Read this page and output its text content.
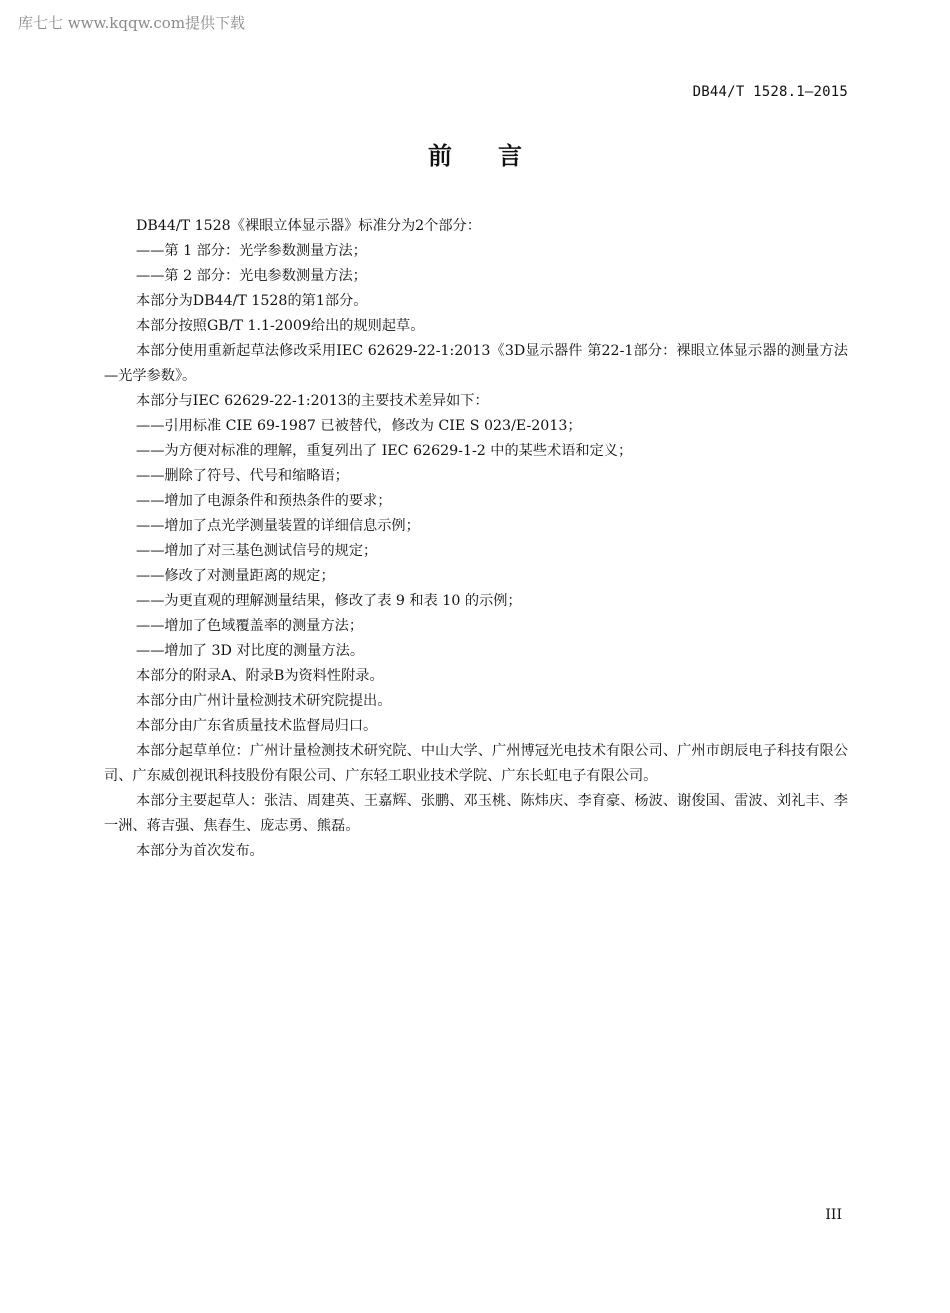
库七七 www.kqqw.com提供下载
DB44/T 1528.1—2015
前言

DB44/T 1528《裸眼立体显示器》标准分为2个部分：

——第 1 部分：光学参数测量方法；

——第 2 部分：光电参数测量方法；

本部分为DB44/T 1528的第1部分。

本部分按照GB/T 1.1-2009给出的规则起草。

本部分使用重新起草法修改采用IEC 62629-22-1:2013《3D显示器件 第22-1部分：裸眼立体显示器的测量方法—光学参数》。

本部分与IEC 62629-22-1:2013的主要技术差异如下：

——引用标准 CIE 69-1987 已被替代，修改为 CIE S 023/E-2013；

——为方便对标准的理解，重复列出了 IEC 62629-1-2 中的某些术语和定义；

——删除了符号、代号和缩略语；

——增加了电源条件和预热条件的要求；

——增加了点光学测量装置的详细信息示例；

——增加了对三基色测试信号的规定；

——修改了对测量距离的规定；

——为更直观的理解测量结果，修改了表 9 和表 10 的示例；

——增加了色域覆盖率的测量方法；

——增加了 3D 对比度的测量方法。

本部分的附录A、附录B为资料性附录。

本部分由广州计量检测技术研究院提出。

本部分由广东省质量技术监督局归口。

本部分起草单位：广州计量检测技术研究院、中山大学、广州博冠光电技术有限公司、广州市朗辰电子科技有限公司、广东威创视讯科技股份有限公司、广东轻工职业技术学院、广东长虹电子有限公司。

本部分主要起草人：张洁、周建英、王嘉辉、张鹏、邓玉桃、陈炜庆、李育豪、杨波、谢俊国、雷波、刘礼丰、李一洲、蒋吉强、焦春生、庞志勇、熊磊。

本部分为首次发布。

III
